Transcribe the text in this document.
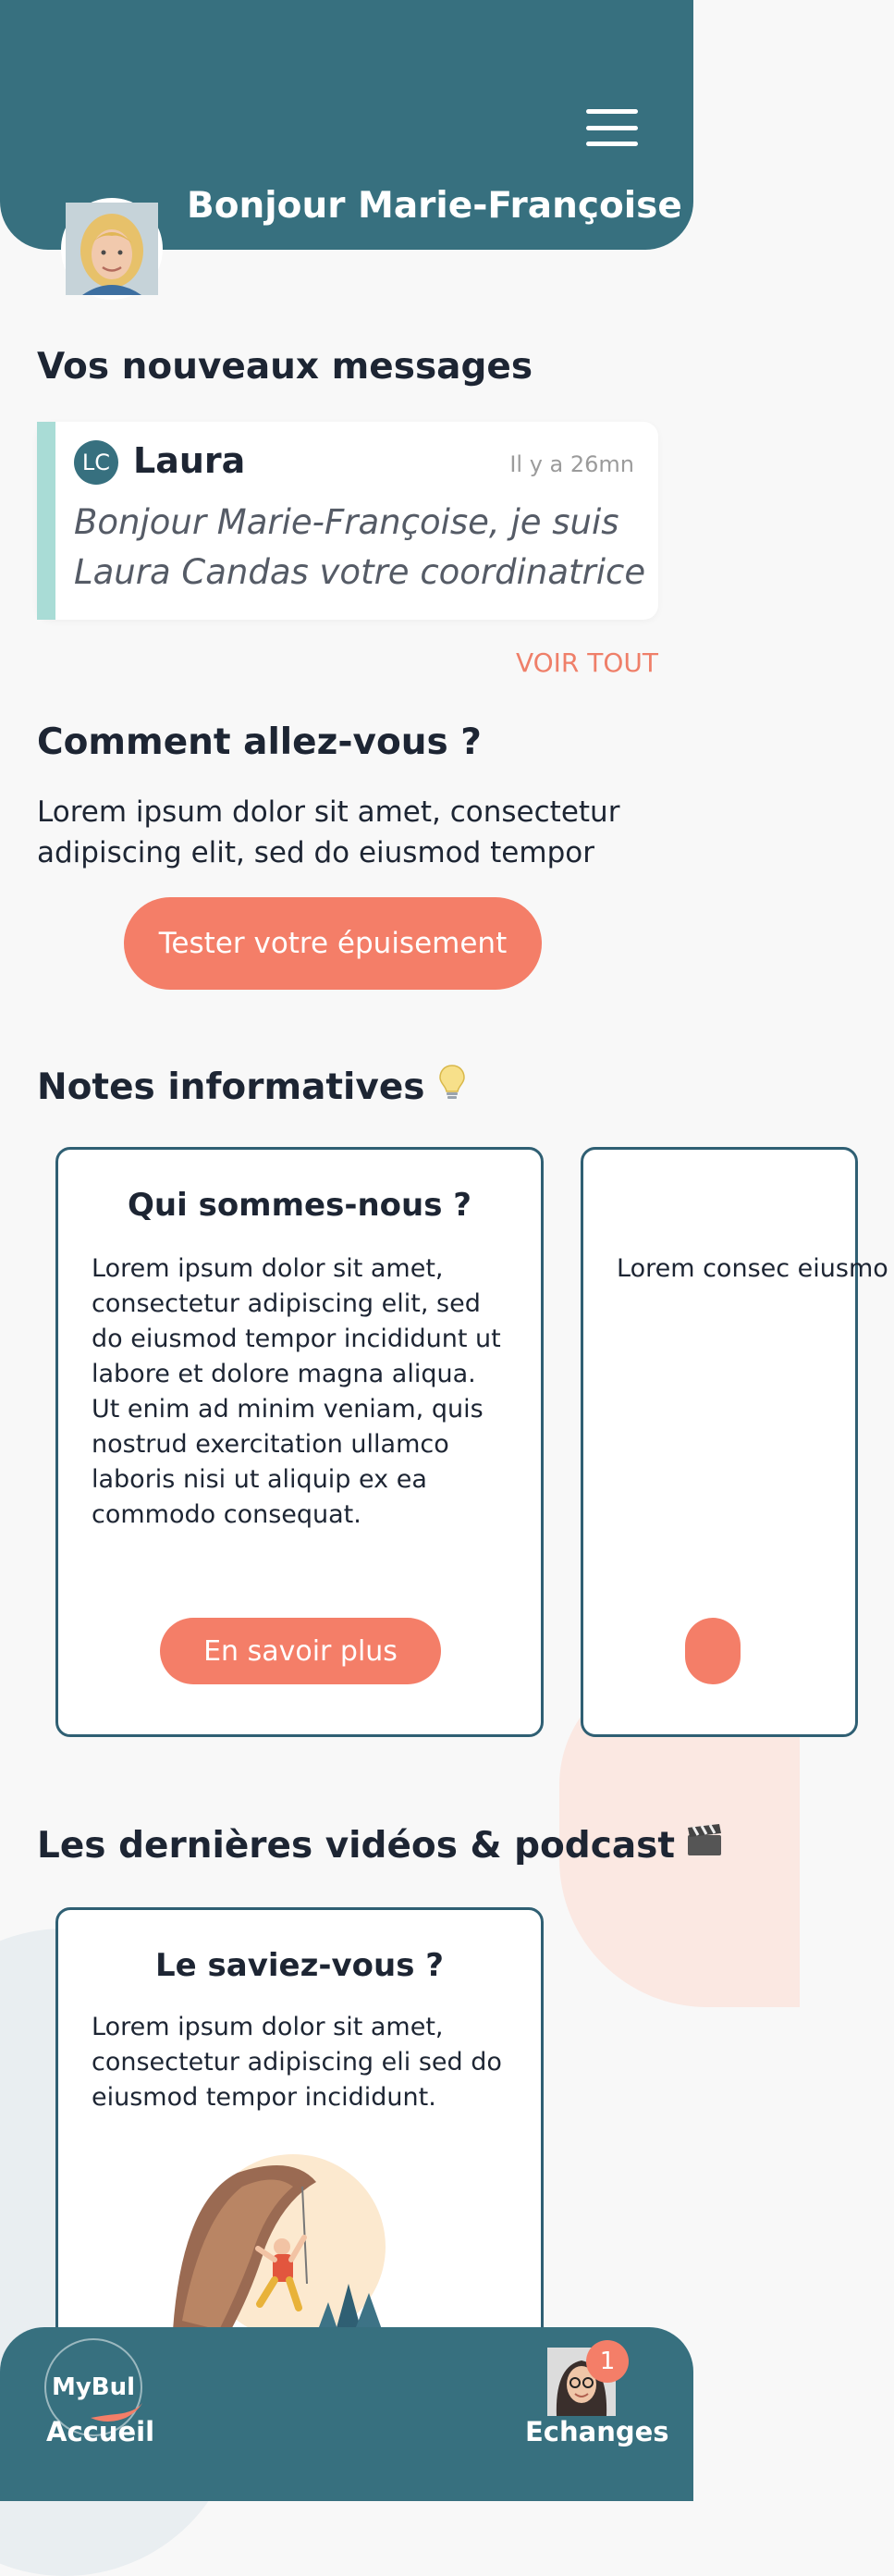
Bonjour Marie-Françoise
Vos nouveaux messages
LC Laura	Il y a 26mn
Bonjour Marie-Françoise, je suis Laura Candas votre coordinatrice
VOIR TOUT
Comment allez-vous ?
Lorem ipsum dolor sit amet, consectetur adipiscing elit, sed do eiusmod tempor
Tester votre épuisement
Notes informatives
Qui sommes-nous ?
Lorem ipsum dolor sit amet, consectetur adipiscing elit, sed do eiusmod tempor incididunt ut labore et dolore magna aliqua. Ut enim ad minim veniam, quis nostrud exercitation ullamco laboris nisi ut aliquip ex ea commodo consequat.
En savoir plus
Lorem consec eiusmo
Les dernières vidéos & podcast
Le saviez-vous ?
Lorem ipsum dolor sit amet, consectetur adipiscing eli sed do eiusmod tempor incididunt.
MyBul
Accueil
1
Echanges
